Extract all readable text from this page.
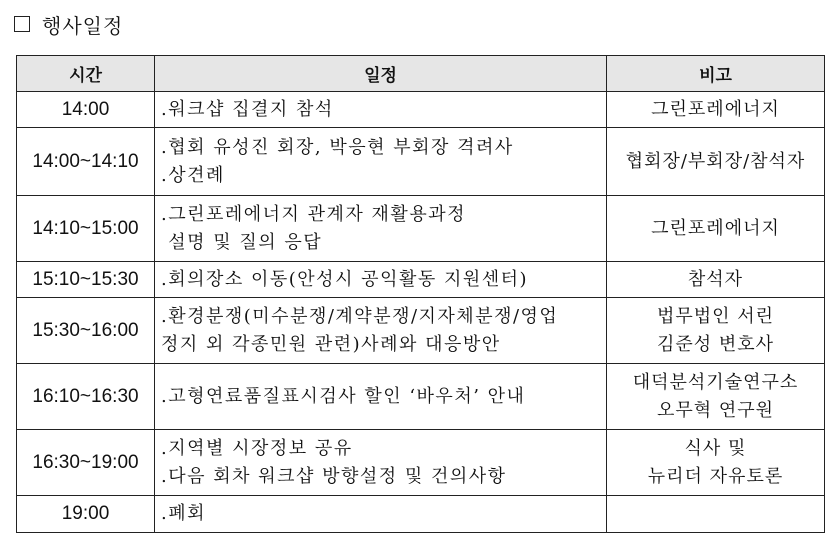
행사일정
시간	일정	비고
14:00	.워크샵 집결지 참석	그린포레에너지

14:00~14:10	.협회 유성진 회장, 박응현 부회장 격려사
.상견례	협회장/부회장/참석자

14:10~15:00	.그린포레에너지 관계자 재활용과정
설명 및 질의 응답	그린포레에너지

15:10~15:30	.회의장소 이동(안성시 공익활동 지원센터)	참석자

15:30~16:00	.환경분쟁(미수분쟁/계약분쟁/지자체분쟁/영업
정지 외 각종민원 관련)사례와 대응방안	법무법인 서린
김준성 변호사

16:10~16:30	.고형연료품질표시검사 할인 ‘바우처’ 안내	대덕분석기술연구소
오무혁 연구원

16:30~19:00	.지역별 시장정보 공유
.다음 회차 워크샵 방향설정 및 건의사항	식사 및
뉴리더 자유토론

19:00	.폐회	
